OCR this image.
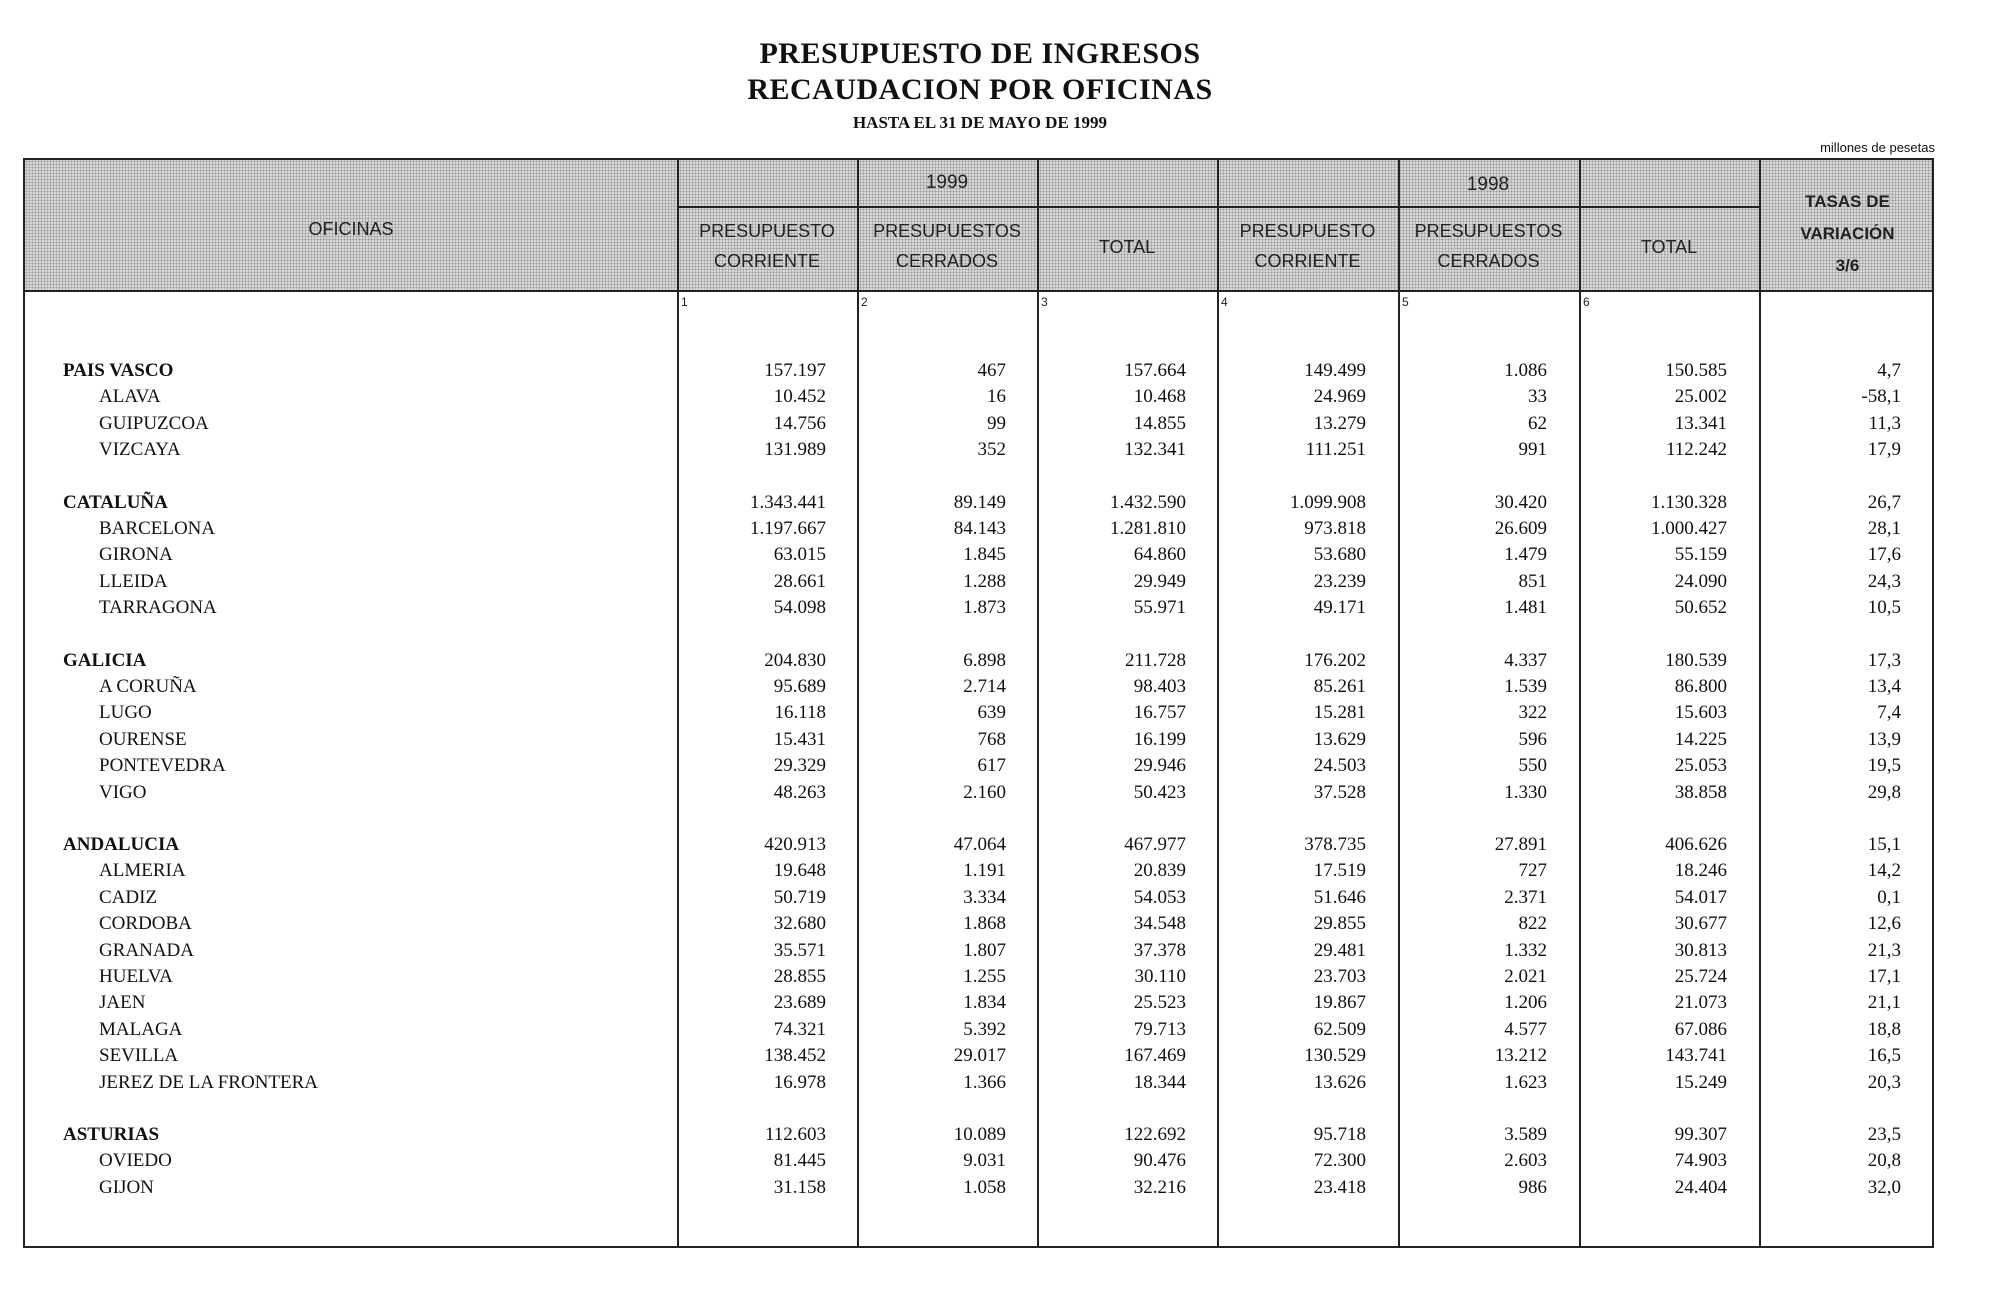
PRESUPUESTO DE INGRESOS
RECAUDACION POR OFICINAS
HASTA EL 31 DE MAYO DE 1999
millones de pesetas
OFICINAS
1999	1998
PRESUPUESTO
CORRIENTE
PRESUPUESTOS
CERRADOS
TOTAL
PRESUPUESTO
CORRIENTE
PRESUPUESTOS
CERRADOS
TOTAL
TASAS DE
VARIACIÓN
3/6
1	2	3	4	5	6
PAIS VASCO	157.197	467	157.664	149.499	1.086	150.585	4,7
ALAVA	10.452	16	10.468	24.969	33	25.002	-58,1
GUIPUZCOA	14.756	99	14.855	13.279	62	13.341	11,3
VIZCAYA	131.989	352	132.341	111.251	991	112.242	17,9
CATALUÑA	1.343.441	89.149	1.432.590	1.099.908	30.420	1.130.328	26,7
BARCELONA	1.197.667	84.143	1.281.810	973.818	26.609	1.000.427	28,1
GIRONA	63.015	1.845	64.860	53.680	1.479	55.159	17,6
LLEIDA	28.661	1.288	29.949	23.239	851	24.090	24,3
TARRAGONA	54.098	1.873	55.971	49.171	1.481	50.652	10,5
GALICIA	204.830	6.898	211.728	176.202	4.337	180.539	17,3
A CORUÑA	95.689	2.714	98.403	85.261	1.539	86.800	13,4
LUGO	16.118	639	16.757	15.281	322	15.603	7,4
OURENSE	15.431	768	16.199	13.629	596	14.225	13,9
PONTEVEDRA	29.329	617	29.946	24.503	550	25.053	19,5
VIGO	48.263	2.160	50.423	37.528	1.330	38.858	29,8
ANDALUCIA	420.913	47.064	467.977	378.735	27.891	406.626	15,1
ALMERIA	19.648	1.191	20.839	17.519	727	18.246	14,2
CADIZ	50.719	3.334	54.053	51.646	2.371	54.017	0,1
CORDOBA	32.680	1.868	34.548	29.855	822	30.677	12,6
GRANADA	35.571	1.807	37.378	29.481	1.332	30.813	21,3
HUELVA	28.855	1.255	30.110	23.703	2.021	25.724	17,1
JAEN	23.689	1.834	25.523	19.867	1.206	21.073	21,1
MALAGA	74.321	5.392	79.713	62.509	4.577	67.086	18,8
SEVILLA	138.452	29.017	167.469	130.529	13.212	143.741	16,5
JEREZ DE LA FRONTERA	16.978	1.366	18.344	13.626	1.623	15.249	20,3
ASTURIAS	112.603	10.089	122.692	95.718	3.589	99.307	23,5
OVIEDO	81.445	9.031	90.476	72.300	2.603	74.903	20,8
GIJON	31.158	1.058	32.216	23.418	986	24.404	32,0
